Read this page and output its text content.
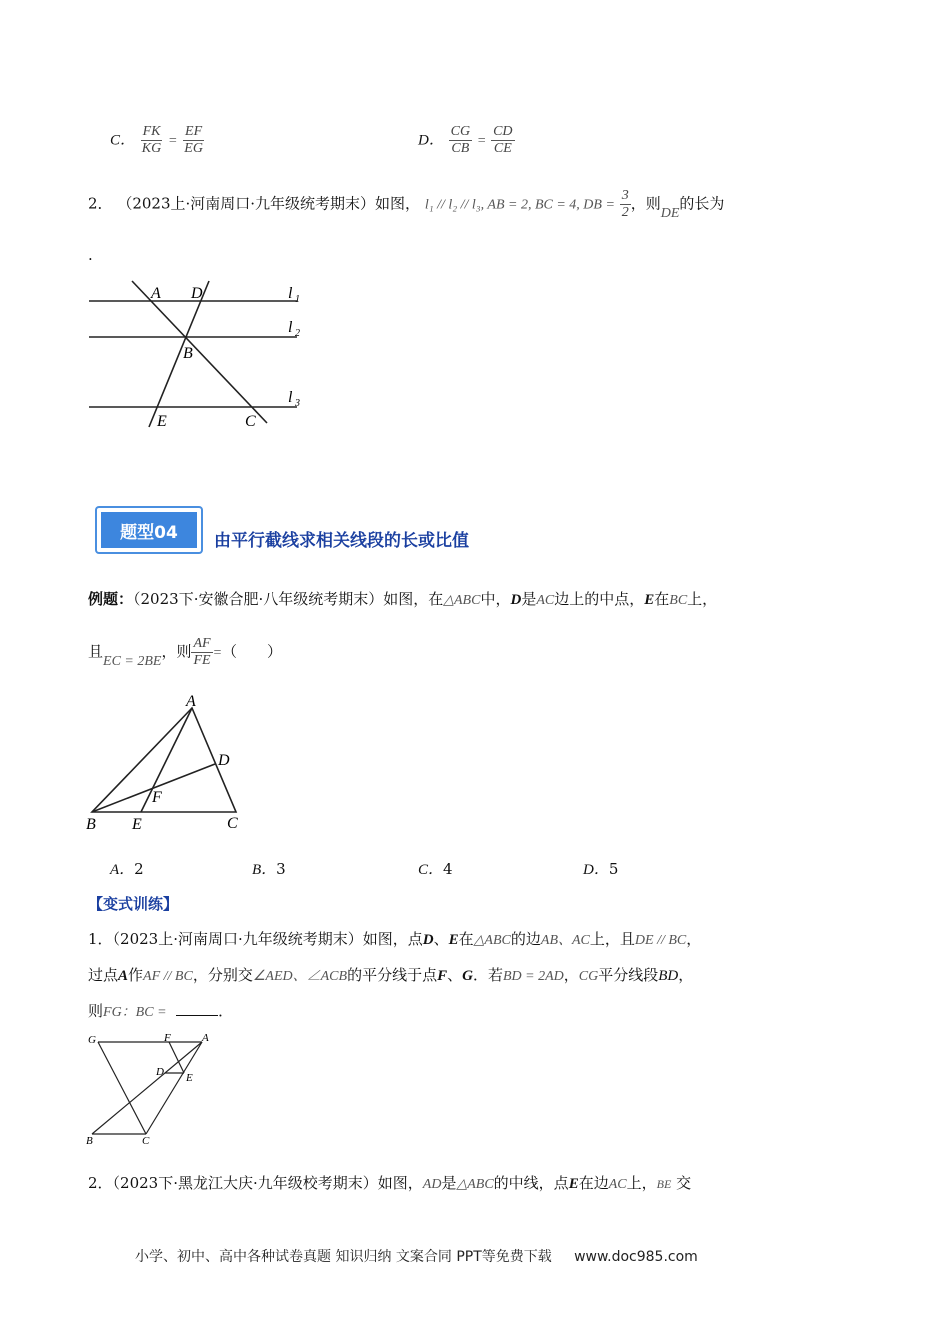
C． $\frac{FK}{KG} = \frac{EF}{EG}$	D． $\frac{CG}{CB} = \frac{CD}{CE}$
2． （2023上·河南周口·九年级统考期末）如图， l₁ // l₂ // l₃, AB = 2, BC = 4, DB = $\frac{3}{2}$ ，则DE的长为
.
A D
B
E	C
l 1
l 2
l 3
题型04	由平行截线求相关线段的长或比值
例题：（2023下·安徽合肥·八年级统考期末）如图，在△ABC中，D是AC边上的中点，E在BC上，
且EC = 2BE，则 $\frac{AF}{FE}$ =（　　）
A
D
F
B E	C
A．2	B．3	C．4	D．5
【变式训练】
1．（2023上·河南周口·九年级统考期末）如图，点D、E在△ABC的边AB、AC上，且DE // BC，
过点A作AF // BC，分别交∠AED、∠ACB的平分线于点F、G．若BD = 2AD，CG平分线段BD，
则FG：BC =	．
G	F	A
D E
B	C
2．（2023下·黑龙江大庆·九年级校考期末）如图，AD是△ABC的中线，点E在边AC上，BE 交
小学、初中、高中各种试卷真题 知识归纳 文案合同 PPT等免费下载 www.doc985.com
